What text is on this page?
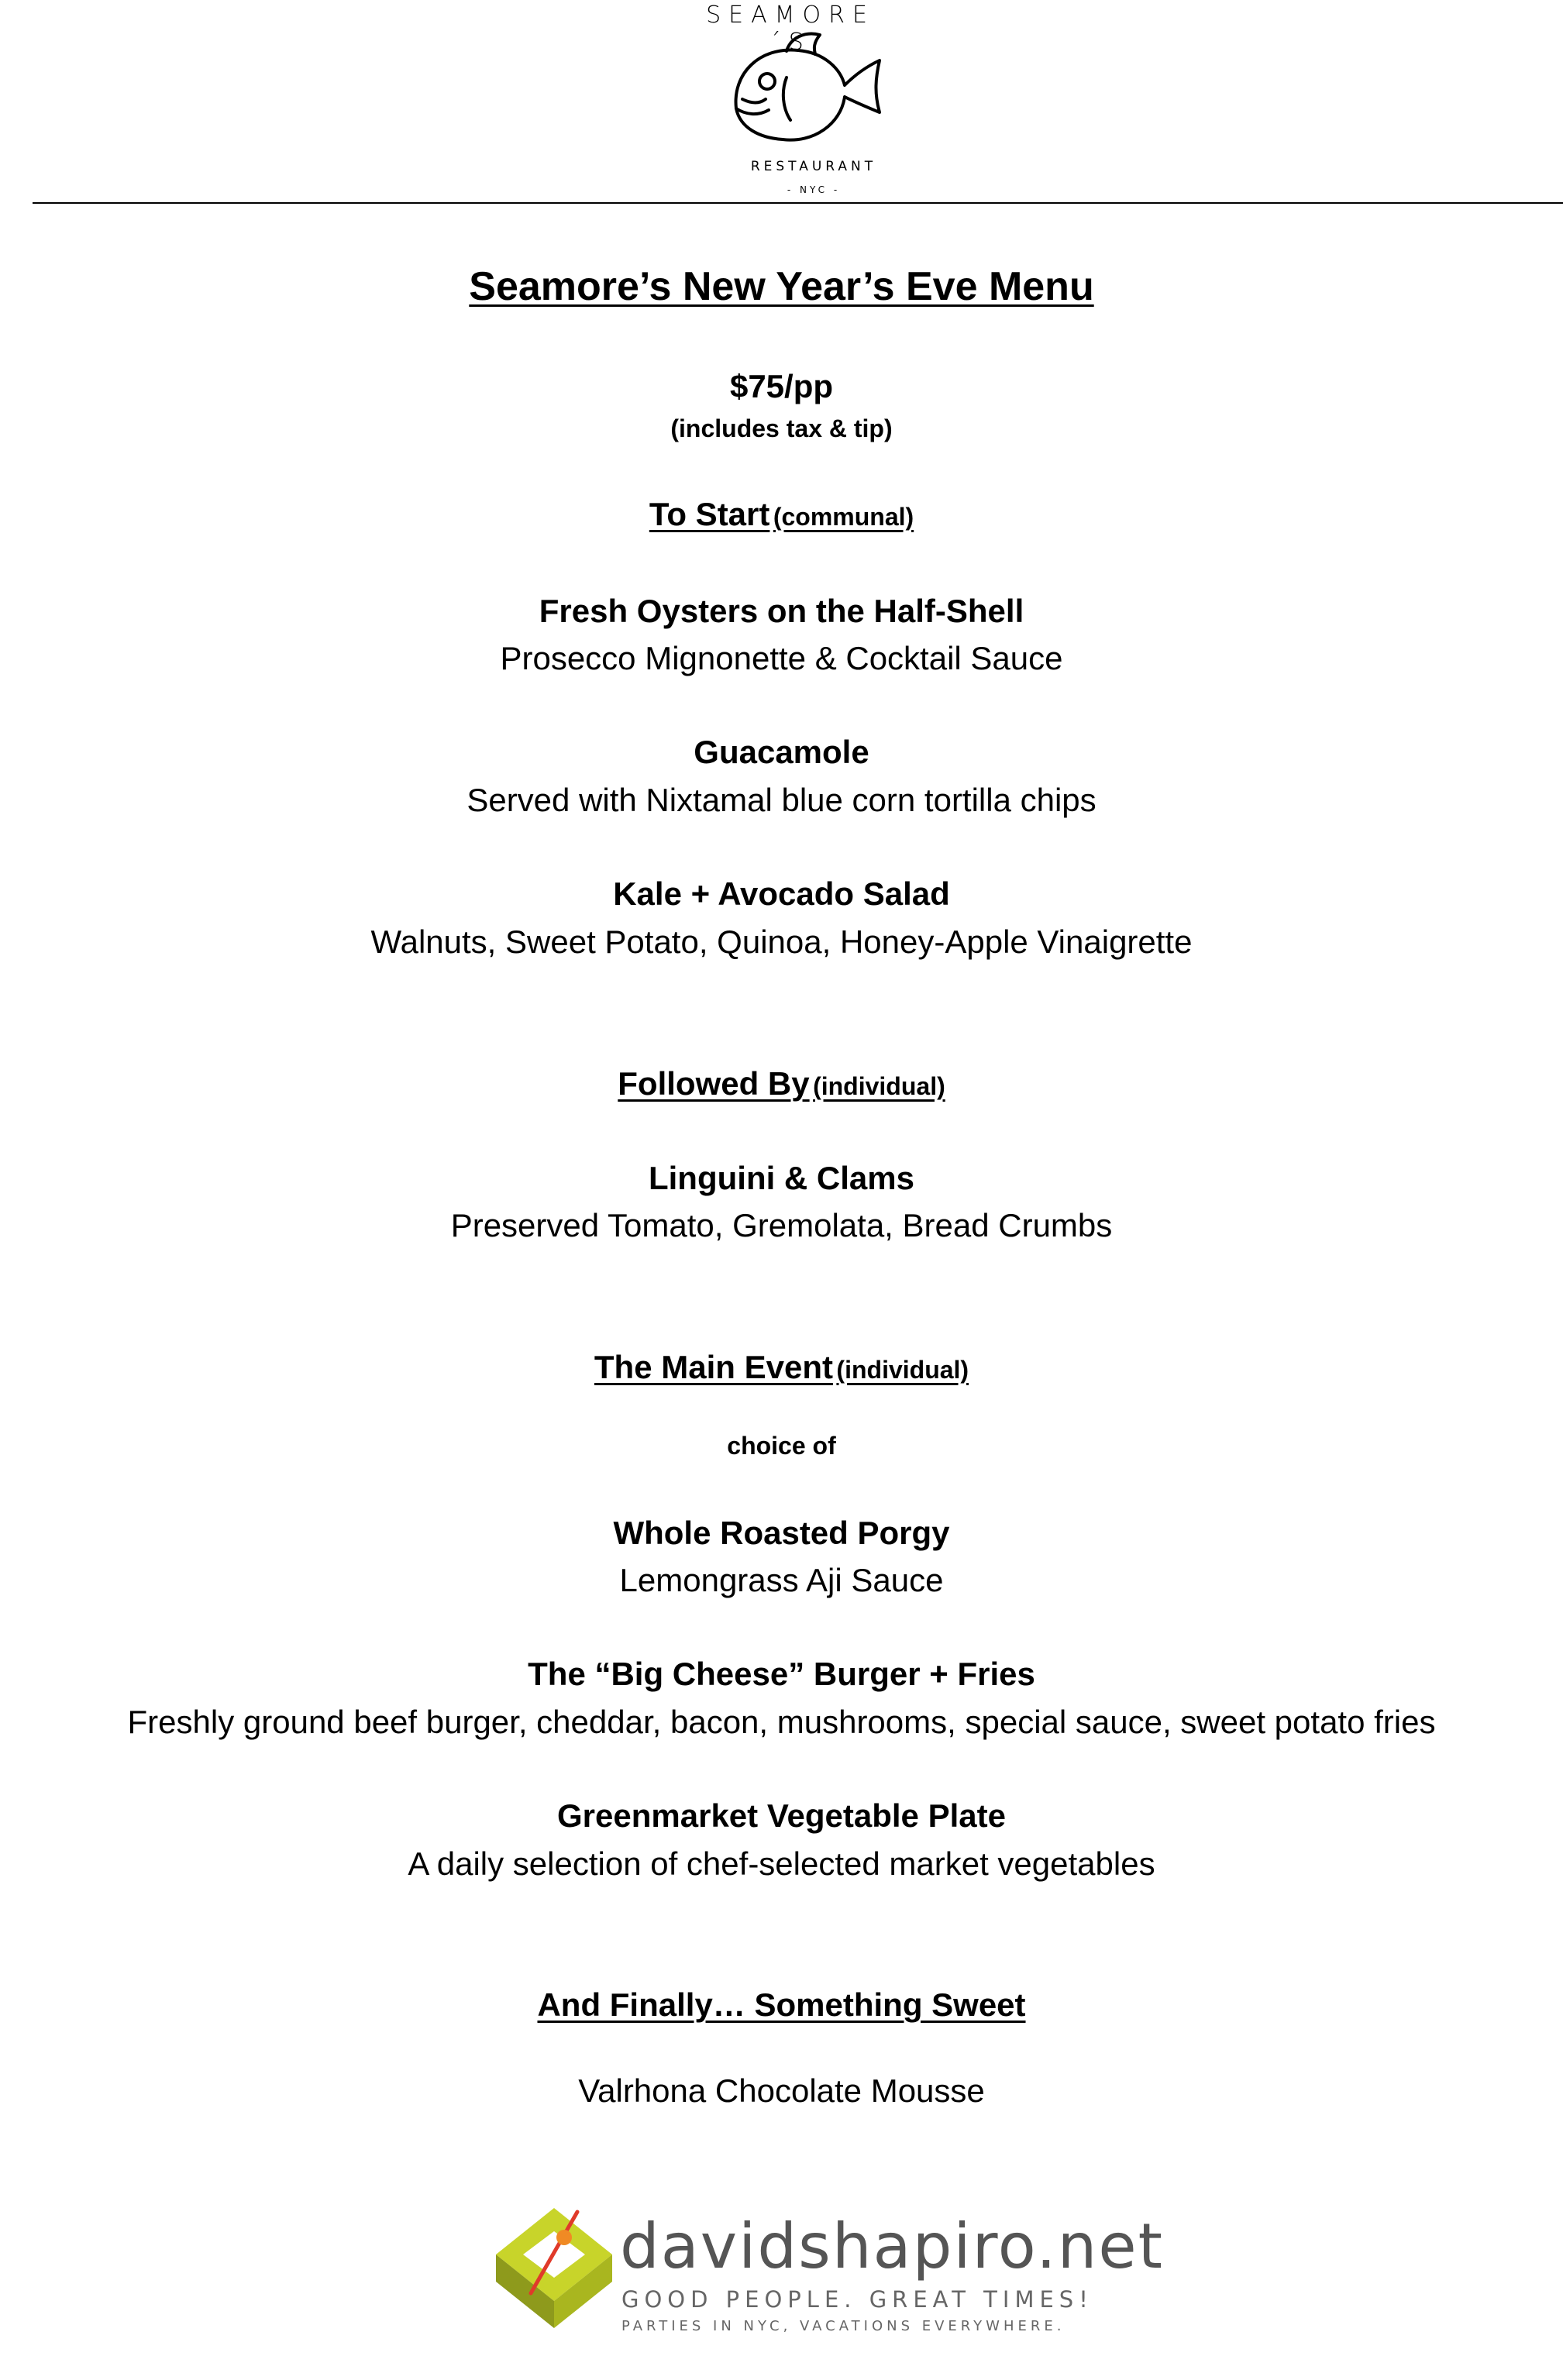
SEAMORE´S
RESTAURANT
- NYC -
Seamore’s New Year’s Eve Menu
$75/pp
(includes tax & tip)
To Start (communal)
Fresh Oysters on the Half-Shell
Prosecco Mignonette & Cocktail Sauce
Guacamole
Served with Nixtamal blue corn tortilla chips
Kale + Avocado Salad
Walnuts, Sweet Potato, Quinoa, Honey-Apple Vinaigrette
Followed By (individual)
Linguini & Clams
Preserved Tomato, Gremolata, Bread Crumbs
The Main Event (individual)
choice of
Whole Roasted Porgy
Lemongrass Aji Sauce
The “Big Cheese” Burger + Fries
Freshly ground beef burger, cheddar, bacon, mushrooms, special sauce, sweet potato fries
Greenmarket Vegetable Plate
A daily selection of chef-selected market vegetables
And Finally… Something Sweet
Valrhona Chocolate Mousse
davidshapiro.net
GOOD PEOPLE. GREAT TIMES!
PARTIES IN NYC, VACATIONS EVERYWHERE.
